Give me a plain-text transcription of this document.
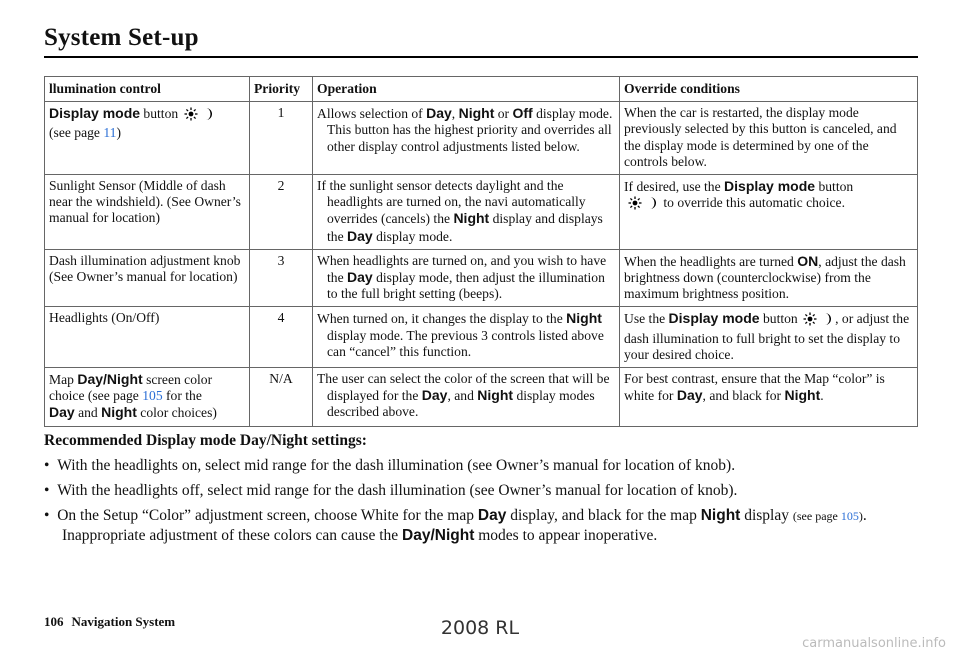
System Set-up
llumination control	Priority	Operation	Override conditions
Display mode button
(see page 11)	1	Allows selection of Day, Night or Off display mode. This button has the highest priority and overrides all other display control adjustments listed below.	When the car is restarted, the display mode previously selected by this button is canceled, and the display mode is determined by one of the controls below.
Sunlight Sensor (Middle of dash near the windshield). (See Owner’s manual for location)	2	If the sunlight sensor detects daylight and the headlights are turned on, the navi automatically overrides (cancels) the Night display and displays the Day display mode.	If desired, use the Display mode button
to override this automatic choice.
Dash illumination adjustment knob (See Owner’s manual for location)	3	When headlights are turned on, and you wish to have the Day display mode, then adjust the illumination to the full bright setting (beeps).	When the headlights are turned ON, adjust the dash brightness down (counterclockwise) from the maximum brightness position.
Headlights (On/Off)	4	When turned on, it changes the display to the Night display mode. The previous 3 controls listed above can “cancel” this function.	Use the Display mode button , or adjust the dash illumination to full bright to set the display to your desired choice.
Map Day/Night screen color choice (see page 105 for the
Day and Night color choices)	N/A	The user can select the color of the screen that will be displayed for the Day, and Night display modes described above.	For best contrast, ensure that the Map “color” is white for Day, and black for Night.
Recommended Display mode Day/Night settings:
•  With the headlights on, select mid range for the dash illumination (see Owner’s manual for location of knob).
•  With the headlights off, select mid range for the dash illumination (see Owner’s manual for location of knob).
•  On the Setup “Color” adjustment screen, choose White for the map Day display, and black for the map Night display (see page 105). Inappropriate adjustment of these colors can cause the Day/Night modes to appear inoperative.
106 Navigation System	2008 RL
carmanualsonline.info
